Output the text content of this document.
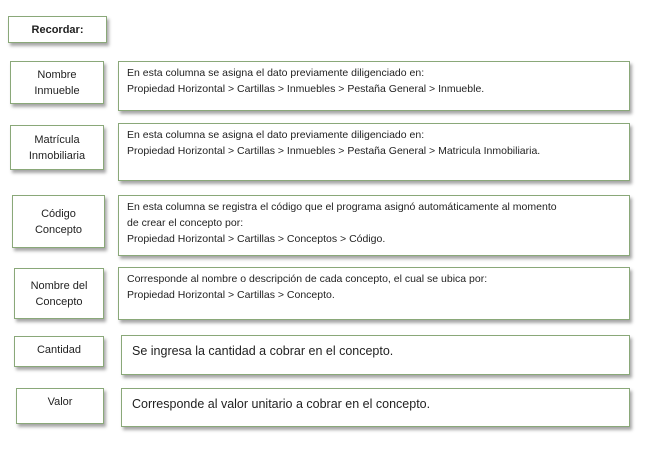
Recordar:
Nombre
Inmueble
En esta columna se asigna el dato previamente diligenciado en:
Propiedad Horizontal > Cartillas > Inmuebles > Pestaña General > Inmueble.
Matrícula
Inmobiliaria
En esta columna se asigna el dato previamente diligenciado en:
Propiedad Horizontal > Cartillas > Inmuebles > Pestaña General > Matricula Inmobiliaria.
Código
Concepto
En esta columna se registra el código que el programa asignó automáticamente al momento
de crear el concepto por:
Propiedad Horizontal > Cartillas > Conceptos > Código.
Nombre del
Concepto
Corresponde al nombre o descripción de cada concepto, el cual se ubica por:
Propiedad Horizontal > Cartillas > Concepto.
Cantidad	Se ingresa la cantidad a cobrar en el concepto.
Valor	Corresponde al valor unitario a cobrar en el concepto.
